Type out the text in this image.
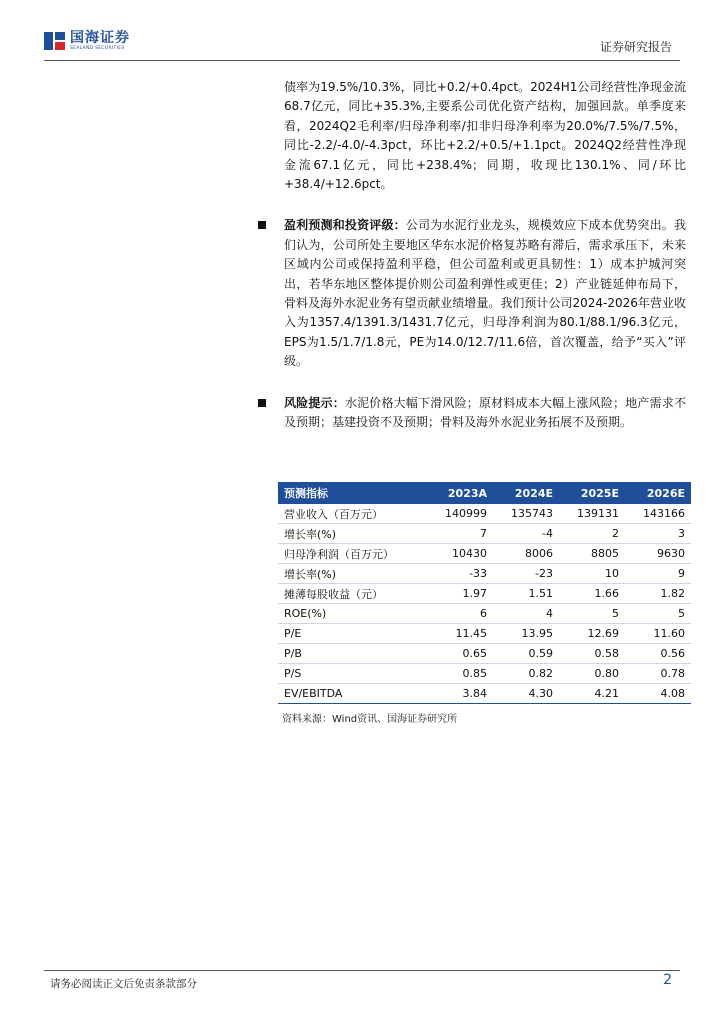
国海证券
SEALAND SECURITIES	证券研究报告

债率为19.5%/10.3%，同比+0.2/+0.4pct。2024H1公司经营性净现金流68.7亿元，同比+35.3%,主要系公司优化资产结构，加强回款。单季度来看，2024Q2毛利率/归母净利率/扣非归母净利率为20.0%/7.5%/7.5%，同比-2.2/-4.0/-4.3pct，环比+2.2/+0.5/+1.1pct。2024Q2经营性净现金流67.1亿元，同比+238.4%；同期，收现比130.1%、同/环比+38.4/+12.6pct。

盈利预测和投资评级：公司为水泥行业龙头，规模效应下成本优势突出。我们认为，公司所处主要地区华东水泥价格复苏略有滞后，需求承压下，未来区域内公司或保持盈利平稳，但公司盈利或更具韧性：1）成本护城河突出，若华东地区整体提价则公司盈利弹性或更佳；2）产业链延伸布局下，骨料及海外水泥业务有望贡献业绩增量。我们预计公司2024-2026年营业收入为1357.4/1391.3/1431.7亿元，归母净利润为80.1/88.1/96.3亿元，EPS为1.5/1.7/1.8元，PE为14.0/12.7/11.6倍，首次覆盖，给予“买入”评级。

风险提示：水泥价格大幅下滑风险；原材料成本大幅上涨风险；地产需求不及预期；基建投资不及预期；骨料及海外水泥业务拓展不及预期。

预测指标	2023A	2024E	2025E	2026E
营业收入（百万元）	140999	135743	139131	143166
增长率(%)	7	-4	2	3
归母净利润（百万元）	10430	8006	8805	9630
增长率(%)	-33	-23	10	9
摊薄每股收益（元）	1.97	1.51	1.66	1.82
ROE(%)	6	4	5	5
P/E	11.45	13.95	12.69	11.60
P/B	0.65	0.59	0.58	0.56
P/S	0.85	0.82	0.80	0.78
EV/EBITDA	3.84	4.30	4.21	4.08
资料来源：Wind资讯、国海证券研究所
请务必阅读正文后免责条款部分	2
